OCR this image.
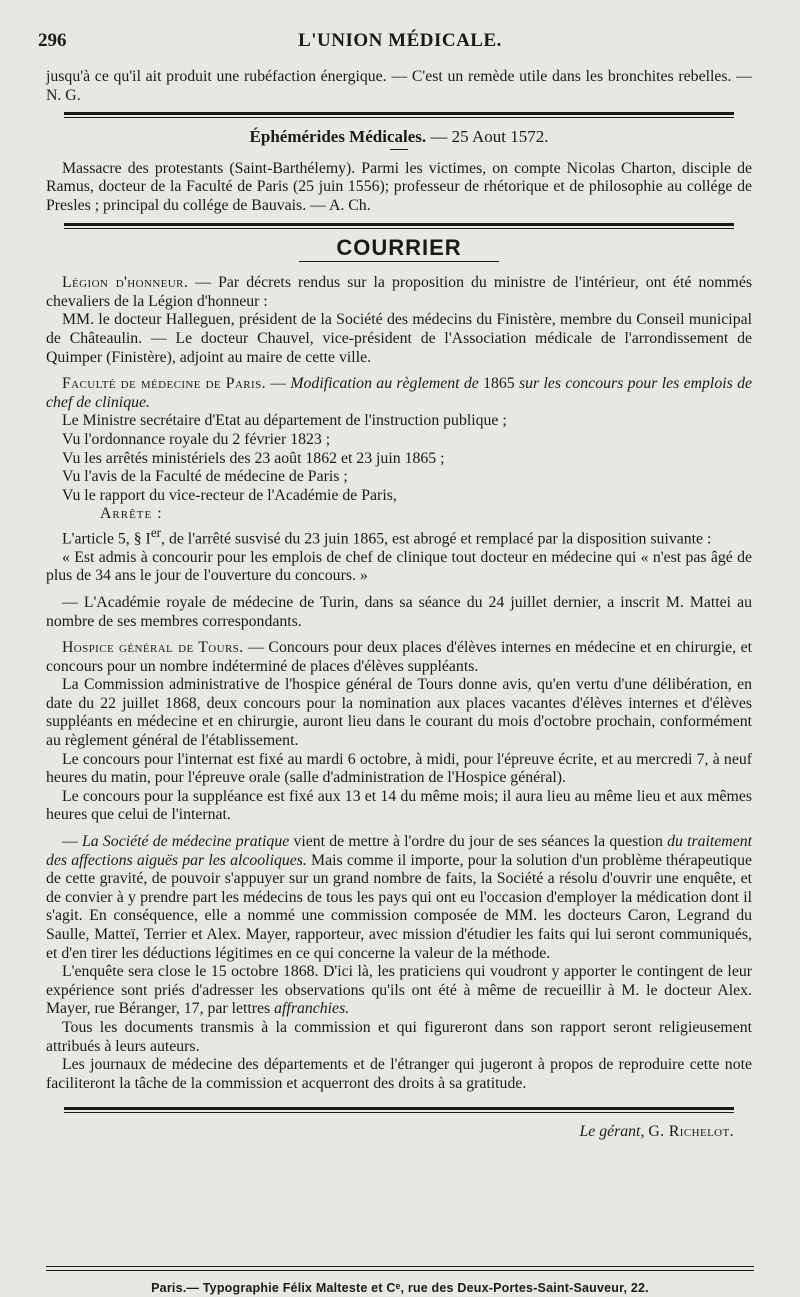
296	L'UNION MÉDICALE.

jusqu'à ce qu'il ait produit une rubéfaction énergique. — C'est un remède utile dans les bronchites rebelles. — N. G.

Éphémérides Médicales. — 25 Aout 1572.

Massacre des protestants (Saint-Barthélemy). Parmi les victimes, on compte Nicolas Charton, disciple de Ramus, docteur de la Faculté de Paris (25 juin 1556); professeur de rhétorique et de philosophie au collége de Presles ; principal du collége de Bauvais. — A. Ch.

COURRIER

Légion d'honneur. — Par décrets rendus sur la proposition du ministre de l'intérieur, ont été nommés chevaliers de la Légion d'honneur :

MM. le docteur Halleguen, président de la Société des médecins du Finistère, membre du Conseil municipal de Châteaulin. — Le docteur Chauvel, vice-président de l'Association médicale de l'arrondissement de Quimper (Finistère), adjoint au maire de cette ville.

Faculté de médecine de Paris. — Modification au règlement de 1865 sur les concours pour les emplois de chef de clinique.

Le Ministre secrétaire d'Etat au département de l'instruction publique ;

Vu l'ordonnance royale du 2 février 1823 ;

Vu les arrêtés ministériels des 23 août 1862 et 23 juin 1865 ;

Vu l'avis de la Faculté de médecine de Paris ;

Vu le rapport du vice-recteur de l'Académie de Paris,

Arrête :

L'article 5, § Ier, de l'arrêté susvisé du 23 juin 1865, est abrogé et remplacé par la disposition suivante :

« Est admis à concourir pour les emplois de chef de clinique tout docteur en médecine qui « n'est pas âgé de plus de 34 ans le jour de l'ouverture du concours. »

— L'Académie royale de médecine de Turin, dans sa séance du 24 juillet dernier, a inscrit M. Mattei au nombre de ses membres correspondants.

Hospice général de Tours. — Concours pour deux places d'élèves internes en médecine et en chirurgie, et concours pour un nombre indéterminé de places d'élèves suppléants.

La Commission administrative de l'hospice général de Tours donne avis, qu'en vertu d'une délibération, en date du 22 juillet 1868, deux concours pour la nomination aux places vacantes d'élèves internes et d'élèves suppléants en médecine et en chirurgie, auront lieu dans le courant du mois d'octobre prochain, conformément au règlement général de l'établissement.

Le concours pour l'internat est fixé au mardi 6 octobre, à midi, pour l'épreuve écrite, et au mercredi 7, à neuf heures du matin, pour l'épreuve orale (salle d'administration de l'Hospice général).

Le concours pour la suppléance est fixé aux 13 et 14 du même mois; il aura lieu au même lieu et aux mêmes heures que celui de l'internat.

— La Société de médecine pratique vient de mettre à l'ordre du jour de ses séances la question du traitement des affections aiguës par les alcooliques. Mais comme il importe, pour la solution d'un problème thérapeutique de cette gravité, de pouvoir s'appuyer sur un grand nombre de faits, la Société a résolu d'ouvrir une enquête, et de convier à y prendre part les médecins de tous les pays qui ont eu l'occasion d'employer la médication dont il s'agit. En conséquence, elle a nommé une commission composée de MM. les docteurs Caron, Legrand du Saulle, Matteï, Terrier et Alex. Mayer, rapporteur, avec mission d'étudier les faits qui lui seront communiqués, et d'en tirer les déductions légitimes en ce qui concerne la valeur de la méthode.

L'enquête sera close le 15 octobre 1868. D'ici là, les praticiens qui voudront y apporter le contingent de leur expérience sont priés d'adresser les observations qu'ils ont été à même de recueillir à M. le docteur Alex. Mayer, rue Béranger, 17, par lettres affranchies.

Tous les documents transmis à la commission et qui figureront dans son rapport seront religieusement attribués à leurs auteurs.

Les journaux de médecine des départements et de l'étranger qui jugeront à propos de reproduire cette note faciliteront la tâche de la commission et acquerront des droits à sa gratitude.

Le gérant, G. Richelot.
Paris.— Typographie Félix Malteste et Cᵉ, rue des Deux-Portes-Saint-Sauveur, 22.
